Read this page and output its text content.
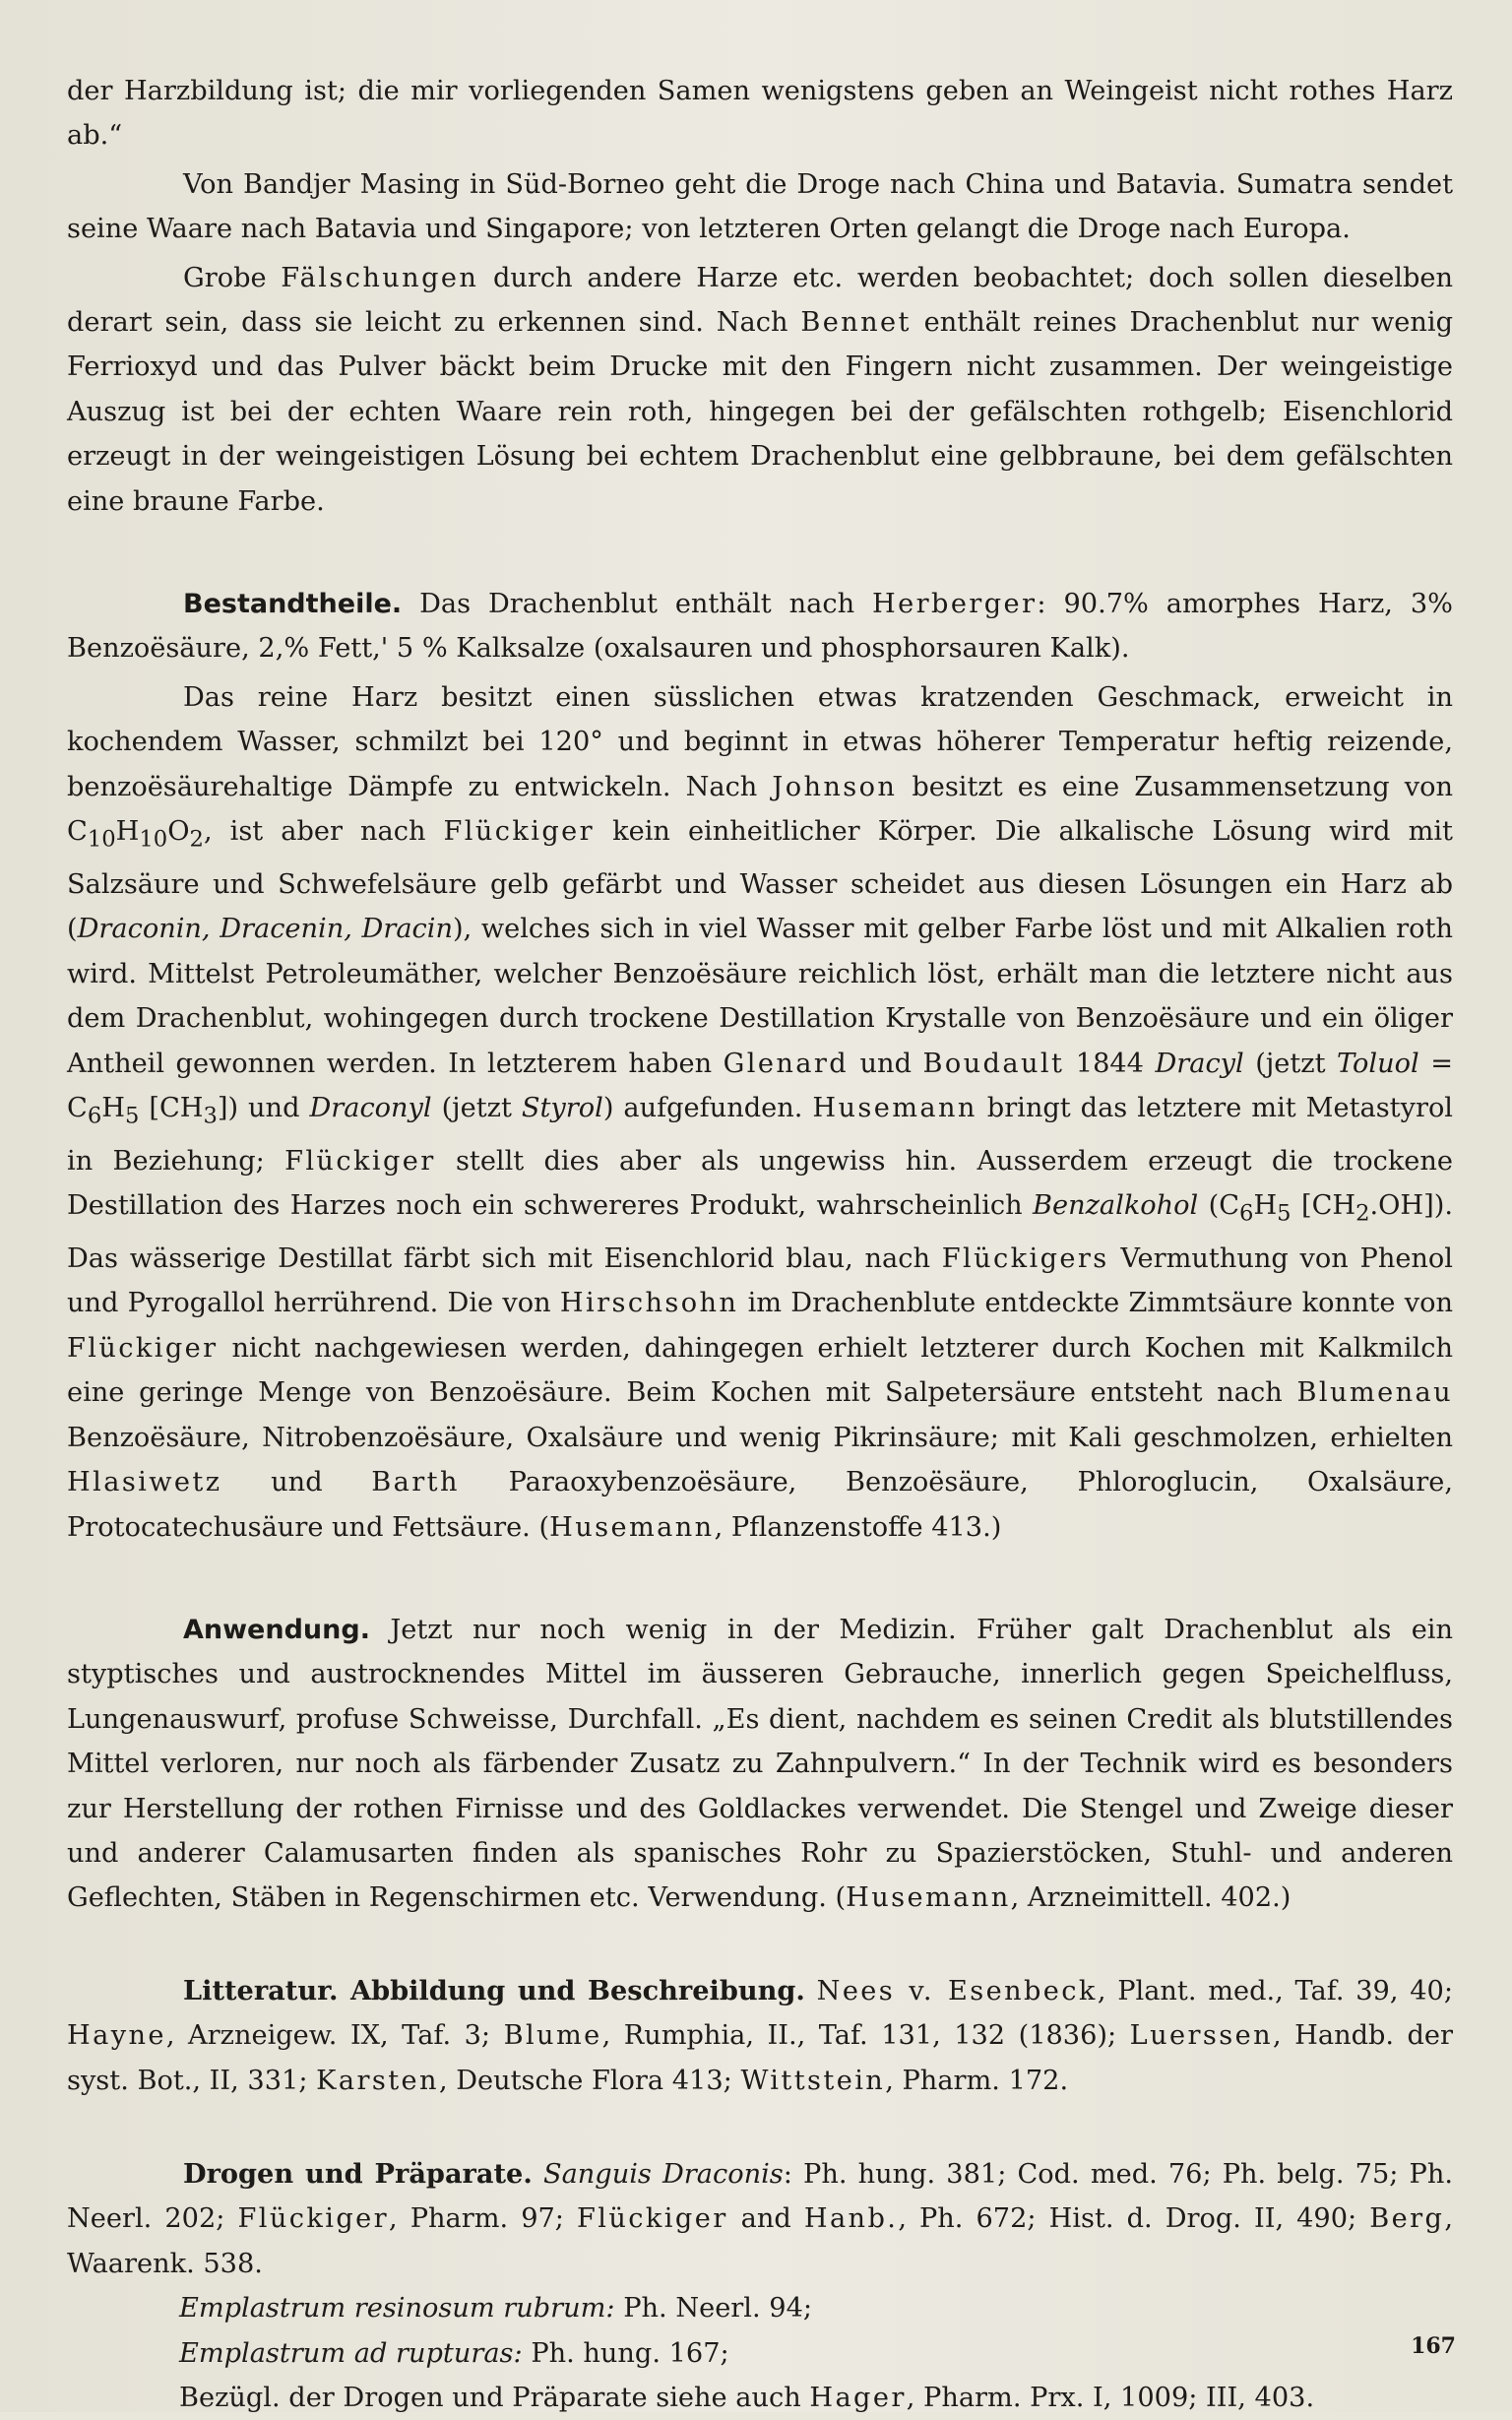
der Harzbildung ist; die mir vorliegenden Samen wenigstens geben an Weingeist nicht rothes Harz ab.“

Von Bandjer Masing in Süd-Borneo geht die Droge nach China und Batavia. Sumatra sendet seine Waare nach Batavia und Singapore; von letzteren Orten gelangt die Droge nach Europa.

Grobe Fälschungen durch andere Harze etc. werden beobachtet; doch sollen dieselben derart sein, dass sie leicht zu erkennen sind. Nach Bennet enthält reines Drachenblut nur wenig Ferrioxyd und das Pulver bäckt beim Drucke mit den Fingern nicht zusammen. Der weingeistige Auszug ist bei der echten Waare rein roth, hingegen bei der gefälschten rothgelb; Eisenchlorid erzeugt in der weingeistigen Lösung bei echtem Drachenblut eine gelbbraune, bei dem gefälschten eine braune Farbe.

Bestandtheile. Das Drachenblut enthält nach Herberger: 90.7% amorphes Harz, 3% Benzoësäure, 2,% Fett,' 5 % Kalksalze (oxalsauren und phosphorsauren Kalk).

Das reine Harz besitzt einen süsslichen etwas kratzenden Geschmack, erweicht in kochendem Wasser, schmilzt bei 120° und beginnt in etwas höherer Temperatur heftig reizende, benzoësäurehaltige Dämpfe zu entwickeln. Nach Johnson besitzt es eine Zusammensetzung von $C_{10}H_{10}O_2$, ist aber nach Flückiger kein einheitlicher Körper. Die alkalische Lösung wird mit Salzsäure und Schwefelsäure gelb gefärbt und Wasser scheidet aus diesen Lösungen ein Harz ab (Draconin, Dracenin, Dracin), welches sich in viel Wasser mit gelber Farbe löst und mit Alkalien roth wird. Mittelst Petroleumäther, welcher Benzoësäure reichlich löst, erhält man die letztere nicht aus dem Drachenblut, wohingegen durch trockene Destillation Krystalle von Benzoësäure und ein öliger Antheil gewonnen werden. In letzterem haben Glenard und Boudault 1844 Dracyl (jetzt Toluol = $C_6H_5$ $[CH_3]$) und Draconyl (jetzt Styrol) aufgefunden. Husemann bringt das letztere mit Metastyrol in Beziehung; Flückiger stellt dies aber als ungewiss hin. Ausserdem erzeugt die trockene Destillation des Harzes noch ein schwereres Produkt, wahrscheinlich Benzalkohol ($C_6H_5$ $[CH_2.OH]$). Das wässerige Destillat färbt sich mit Eisenchlorid blau, nach Flückigers Vermuthung von Phenol und Pyrogallol herrührend. Die von Hirschsohn im Drachenblute entdeckte Zimmtsäure konnte von Flückiger nicht nachgewiesen werden, dahingegen erhielt letzterer durch Kochen mit Kalkmilch eine geringe Menge von Benzoësäure. Beim Kochen mit Salpetersäure entsteht nach Blumenau Benzoësäure, Nitrobenzoësäure, Oxalsäure und wenig Pikrinsäure; mit Kali geschmolzen, erhielten Hlasiwetz und Barth Paraoxybenzoësäure, Benzoësäure, Phloroglucin, Oxalsäure, Protocatechusäure und Fettsäure. (Husemann, Pflanzenstoffe 413.)

Anwendung. Jetzt nur noch wenig in der Medizin. Früher galt Drachenblut als ein styptisches und austrocknendes Mittel im äusseren Gebrauche, innerlich gegen Speichelfluss, Lungenauswurf, profuse Schweisse, Durchfall. „Es dient, nachdem es seinen Credit als blutstillendes Mittel verloren, nur noch als färbender Zusatz zu Zahnpulvern.“ In der Technik wird es besonders zur Herstellung der rothen Firnisse und des Goldlackes verwendet. Die Stengel und Zweige dieser und anderer Calamusarten finden als spanisches Rohr zu Spazierstöcken, Stuhl- und anderen Geflechten, Stäben in Regenschirmen etc. Verwendung. (Husemann, Arzneimittell. 402.)

Litteratur. Abbildung und Beschreibung. Nees v. Esenbeck, Plant. med., Taf. 39, 40; Hayne, Arzneigew. IX, Taf. 3; Blume, Rumphia, II., Taf. 131, 132 (1836); Luerssen, Handb. der syst. Bot., II, 331; Karsten, Deutsche Flora 413; Wittstein, Pharm. 172.

Drogen und Präparate. Sanguis Draconis: Ph. hung. 381; Cod. med. 76; Ph. belg. 75; Ph. Neerl. 202; Flückiger, Pharm. 97; Flückiger and Hanb., Ph. 672; Hist. d. Drog. II, 490; Berg, Waarenk. 538.

Emplastrum resinosum rubrum: Ph. Neerl. 94;

Emplastrum ad rupturas: Ph. hung. 167;

Bezügl. der Drogen und Präparate siehe auch Hager, Pharm. Prx. I, 1009; III, 403.

167
